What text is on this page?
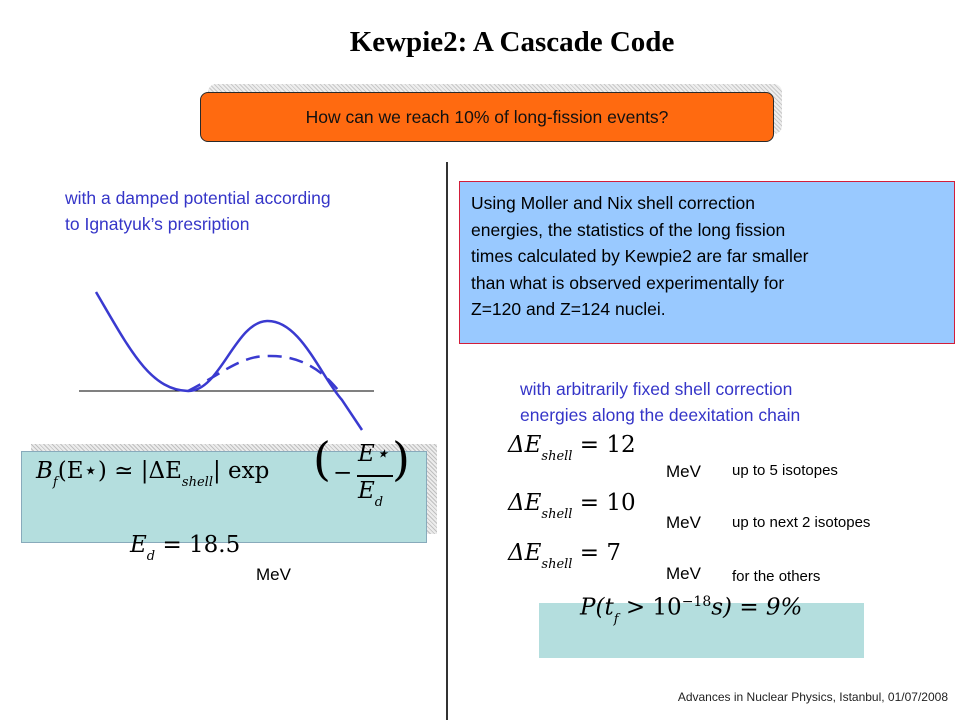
Kewpie2: A Cascade Code
How can we reach 10% of long-fission events?
with a damped potential according
to Ignatyuk’s presription
Using Moller and Nix shell correction
energies, the statistics of the long fission
times calculated by Kewpie2 are far smaller
than what is observed experimentally for
Z=120 and Z=124 nuclei.
with arbitrarily fixed shell correction
energies along the deexitation chain
$B_f(E⋆)$ ≃ $|\Delta E_{shell}|$ exp ( −
E⋆
$E_d$
)
$E_d = 18.5$
MeV
$\Delta E_{shell} = 12$
MeV up to 5 isotopes
$\Delta E_{shell} = 10$
MeV up to next 2 isotopes
$\Delta E_{shell} = 7$
MeV for the others
$P(t_f > 10^{-18}s) = 9\%$
Advances in Nuclear Physics, Istanbul, 01/07/2008
